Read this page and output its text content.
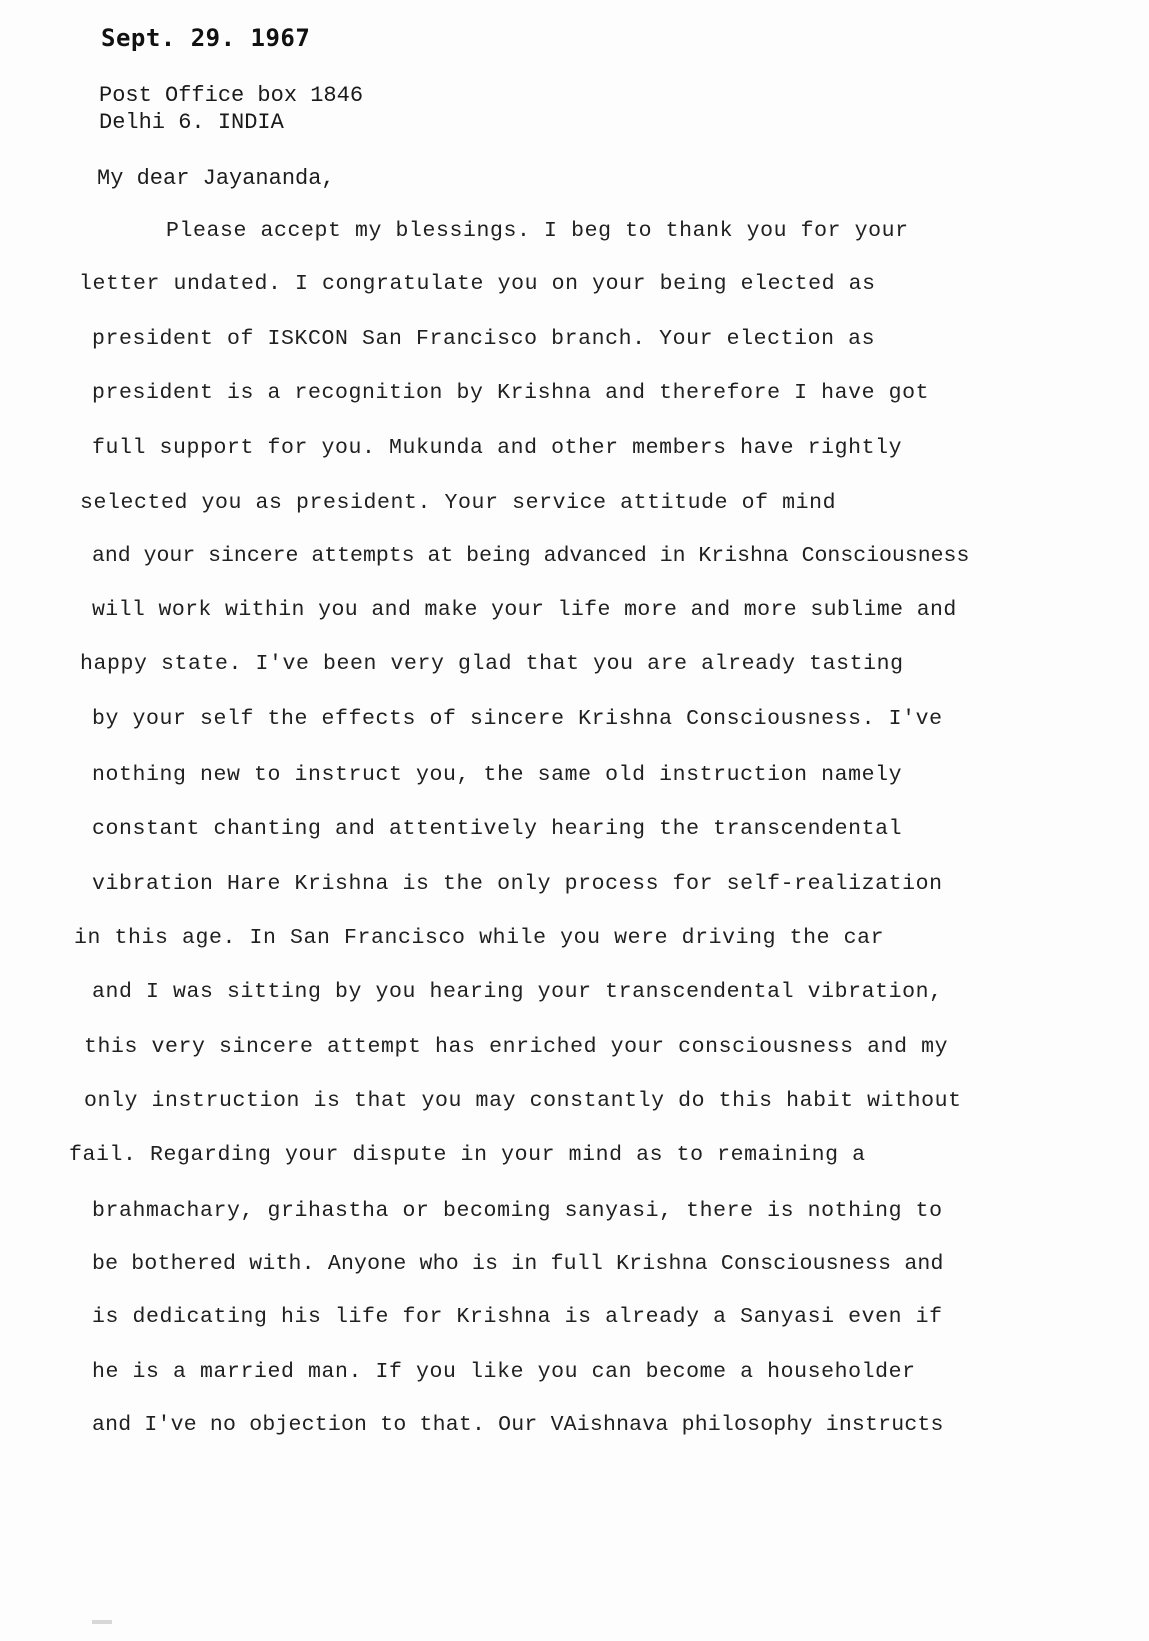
Sept. 29. 1967
Post Office box 1846
Delhi 6. INDIA
My dear Jayananda,
Please accept my blessings. I beg to thank you for your
letter undated. I congratulate you on your being elected as
president of ISKCON San Francisco branch. Your election as
president is a recognition by Krishna and therefore I have got
full support for you. Mukunda and other members have rightly
selected you as president. Your service attitude of mind
and your sincere attempts at being advanced in Krishna Consciousness
will work within you and make your life more and more sublime and
happy state. I've been very glad that you are already tasting
by your self the effects of sincere Krishna Consciousness. I've
nothing new to instruct you, the same old instruction namely
constant chanting and attentively hearing the transcendental
vibration Hare Krishna is the only process for self-realization
in this age. In San Francisco while you were driving the car
and I was sitting by you hearing your transcendental vibration,
this very sincere attempt has enriched your consciousness and my
only instruction is that you may constantly do this habit without
fail. Regarding your dispute in your mind as to remaining a
brahmachary, grihastha or becoming sanyasi, there is nothing to
be bothered with. Anyone who is in full Krishna Consciousness and
is dedicating his life for Krishna is already a Sanyasi even if
he is a married man. If you like you can become a householder
and I've no objection to that. Our VAishnava philosophy instructs
